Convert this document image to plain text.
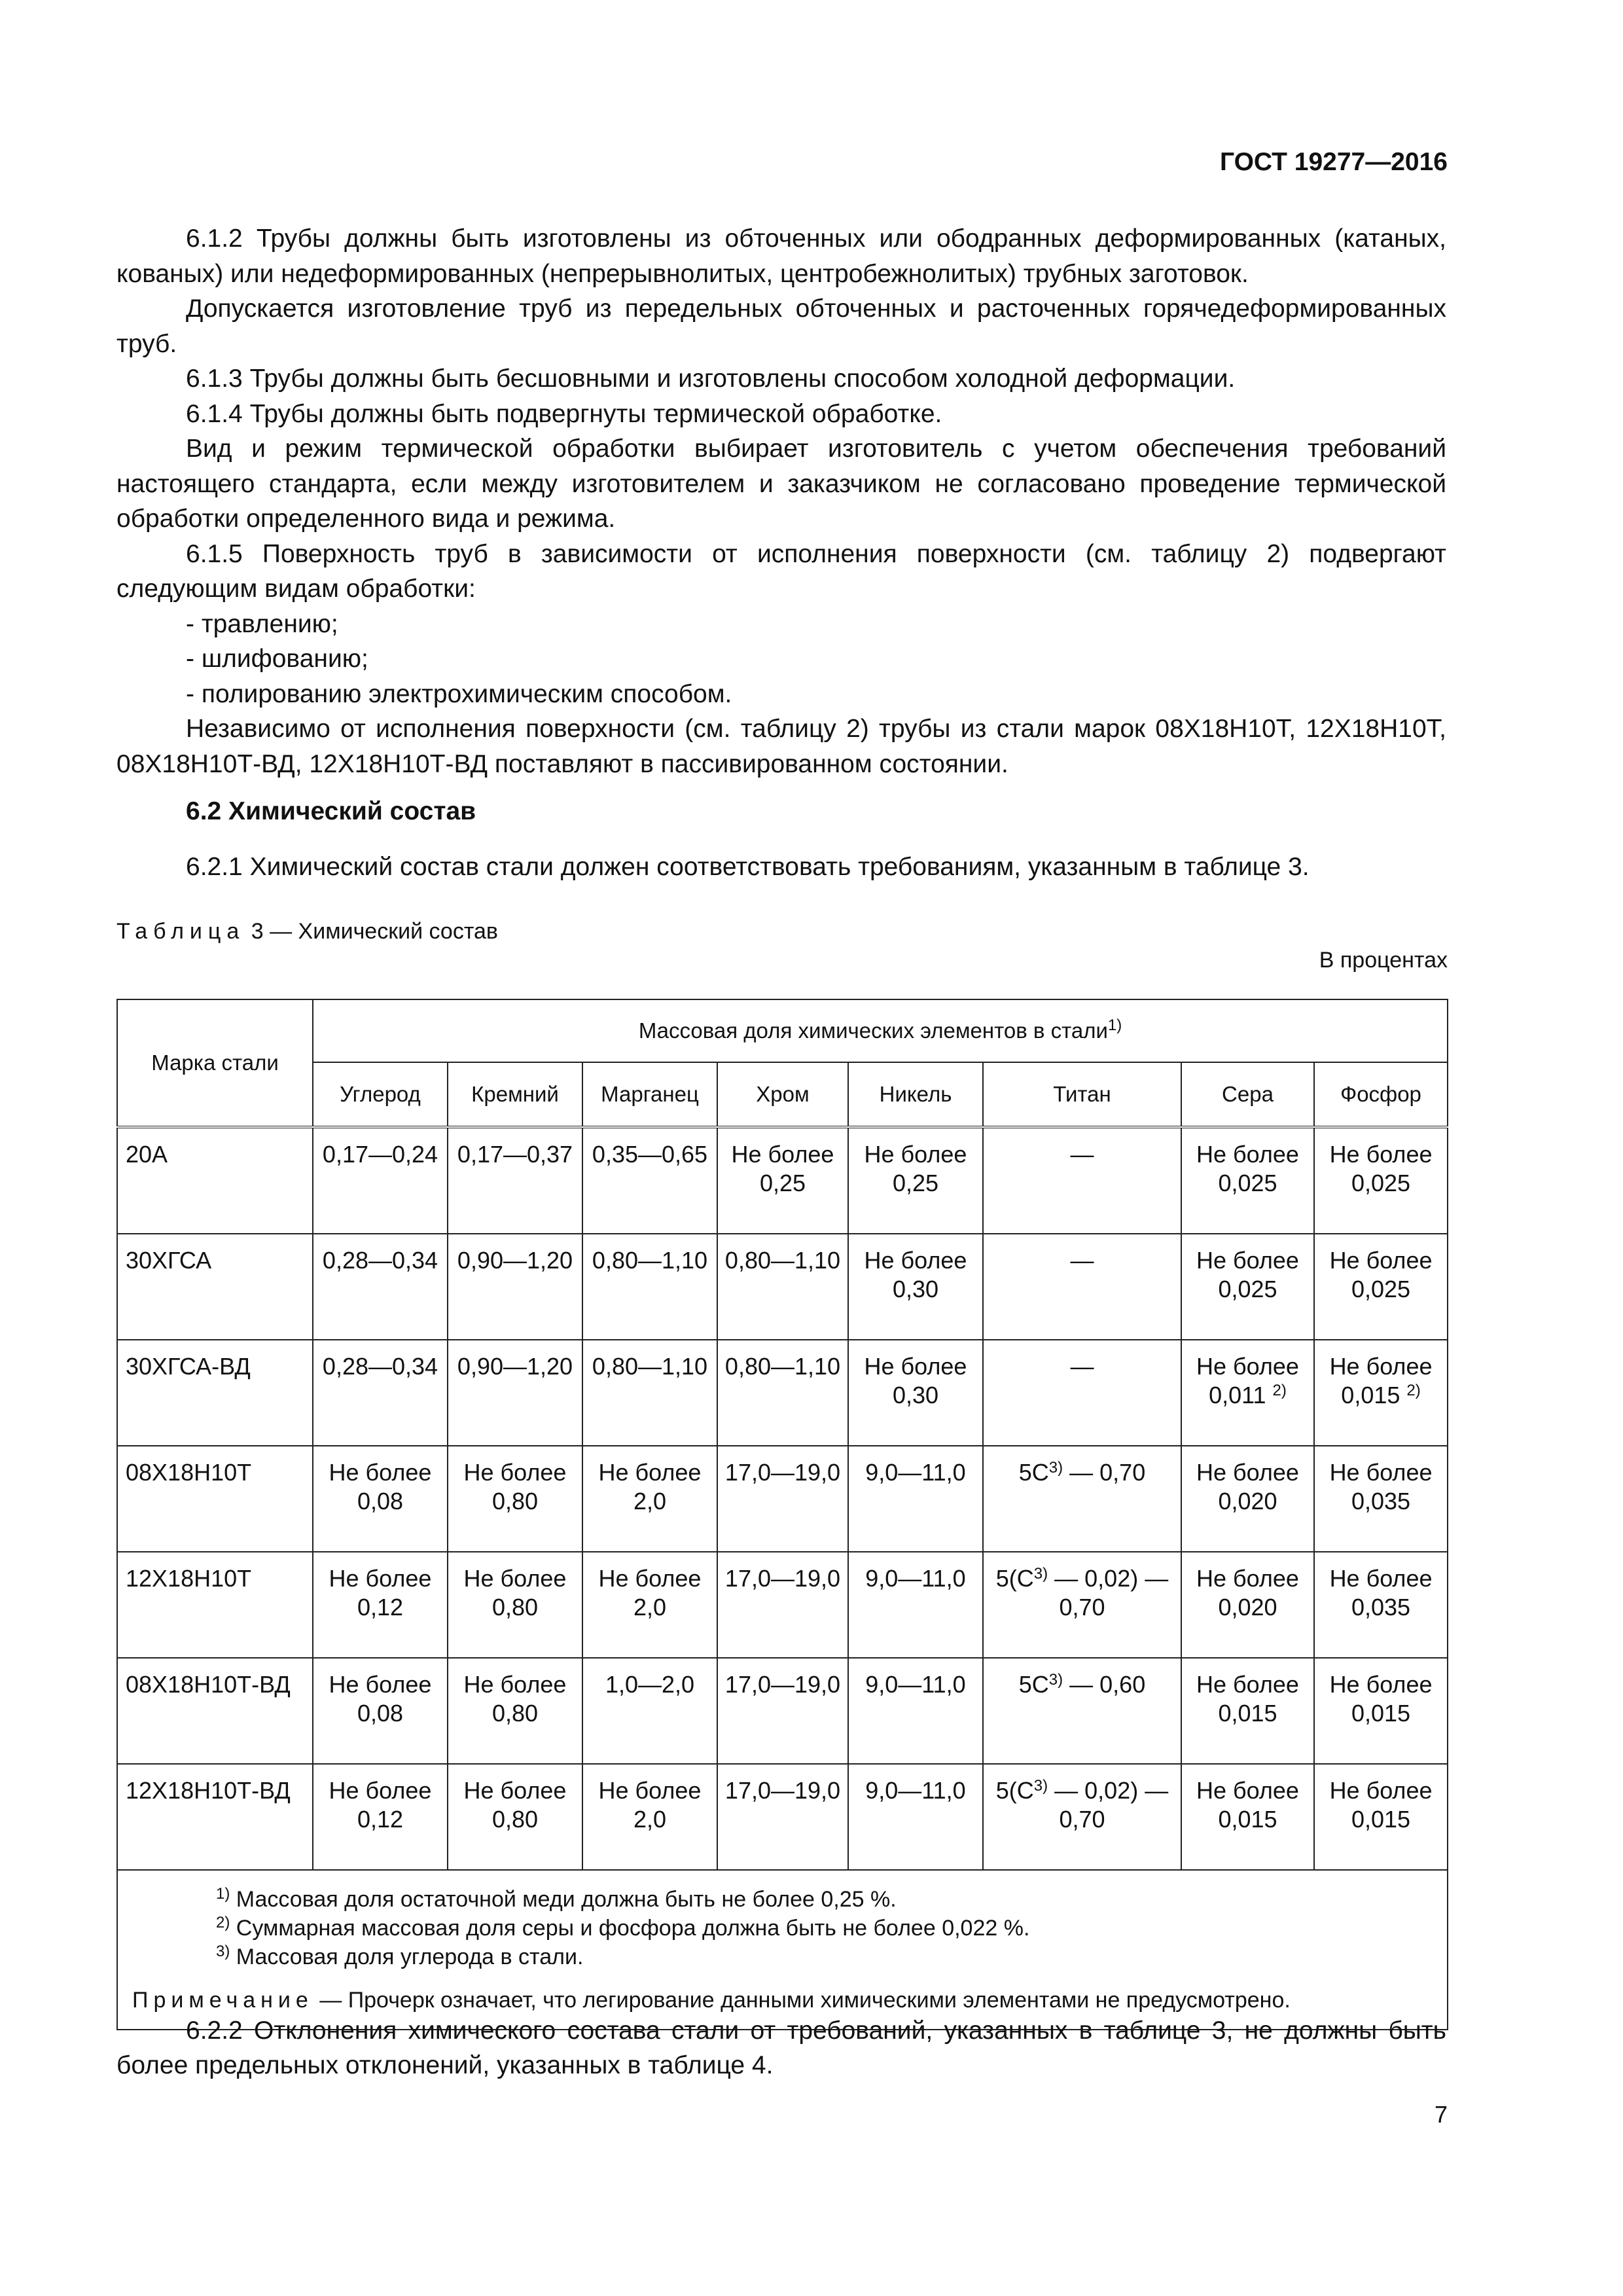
ГОСТ 19277—2016

6.1.2 Трубы должны быть изготовлены из обточенных или ободранных деформированных (катаных, кованых) или недеформированных (непрерывнолитых, центробежнолитых) трубных заготовок.

Допускается изготовление труб из передельных обточенных и расточенных горячедеформированных труб.

6.1.3 Трубы должны быть бесшовными и изготовлены способом холодной деформации.

6.1.4 Трубы должны быть подвергнуты термической обработке.

Вид и режим термической обработки выбирает изготовитель с учетом обеспечения требований настоящего стандарта, если между изготовителем и заказчиком не согласовано проведение термической обработки определенного вида и режима.

6.1.5 Поверхность труб в зависимости от исполнения поверхности (см. таблицу 2) подвергают следующим видам обработки:

- травлению;

- шлифованию;

- полированию электрохимическим способом.

Независимо от исполнения поверхности (см. таблицу 2) трубы из стали марок 08Х18Н10Т, 12Х18Н10Т, 08Х18Н10Т-ВД, 12Х18Н10Т-ВД поставляют в пассивированном состоянии.

6.2 Химический состав
6.2.1 Химический состав стали должен соответствовать требованиям, указанным в таблице 3.
Таблица 3 — Химический состав
В процентах
Марка стали	Массовая доля химических элементов в стали$^{1)}$
	Углерод	Кремний	Марганец	Хром	Никель	Титан	Сера	Фосфор
20А	0,17—0,24	0,17—0,37	0,35—0,65	Не более
0,25	Не более
0,25	—	Не более
0,025	Не более
0,025

30ХГСА	0,28—0,34	0,90—1,20	0,80—1,10	0,80—1,10	Не более
0,30	—	Не более
0,025	Не более
0,025

30ХГСА-ВД	0,28—0,34	0,90—1,20	0,80—1,10	0,80—1,10	Не более
0,30	—	Не более
0,011 $^{2)}$	Не более
0,015 $^{2)}$

08Х18Н10Т	Не более 0,08	Не более 0,80	Не более 2,0	17,0—19,0	9,0—11,0	$5С^{3)}$ — 0,70	Не более
0,020	Не более
0,035

12Х18Н10Т	Не более 0,12	Не более 0,80	Не более 2,0	17,0—19,0	9,0—11,0	$5(С^{3)}$ — 0,02) —
0,70	Не более
0,020	Не более
0,035

08Х18Н10Т-ВД	Не более 0,08	Не более 0,80	1,0—2,0	17,0—19,0	9,0—11,0	$5С^{3)}$ — 0,60	Не более
0,015	Не более
0,015

12Х18Н10Т-ВД	Не более 0,12	Не более 0,80	Не более 2,0	17,0—19,0	9,0—11,0	$5(С^{3)}$ — 0,02) —
0,70	Не более
0,015	Не более
0,015

$^{1)}$ Массовая доля остаточной меди должна быть не более 0,25 %.
$^{2)}$ Суммарная массовая доля серы и фосфора должна быть не более 0,022 %.
$^{3)}$ Массовая доля углерода в стали.
Примечание — Прочерк означает, что легирование данными химическими элементами не предусмотрено.								
6.2.2 Отклонения химического состава стали от требований, указанных в таблице 3, не должны быть более предельных отклонений, указанных в таблице 4.
7
